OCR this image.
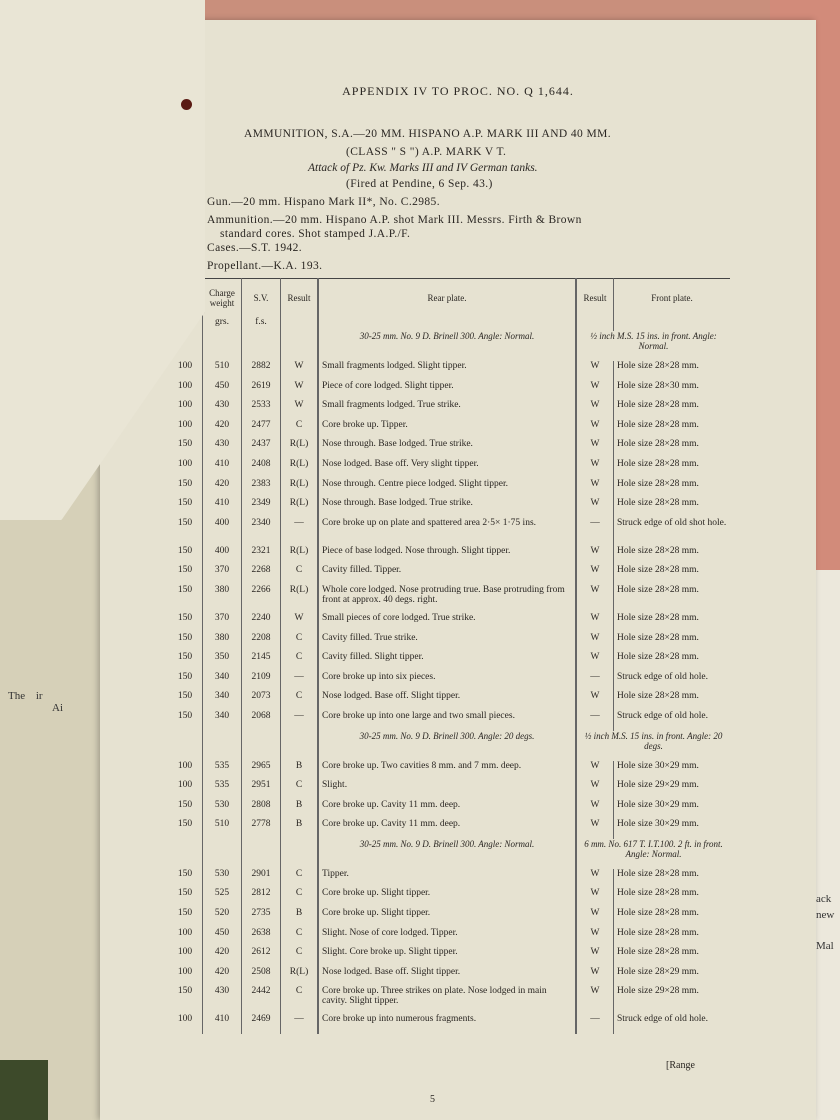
ack
new
Mal
The ir
Ai
APPENDIX IV TO PROC. NO. Q 1,644.
AMMUNITION, S.A.—20 MM. HISPANO A.P. MARK III AND 40 MM.
(CLASS " S ") A.P. MARK V T.
Attack of Pz. Kw. Marks III and IV German tanks.
(Fired at Pendine, 6 Sep. 43.)
Gun.—20 mm. Hispano Mark II*, No. C.2985.
Ammunition.—20 mm. Hispano A.P. shot Mark III. Messrs. Firth & Brown
standard cores. Shot stamped J.A.P./F.
Cases.—S.T. 1942.
Propellant.—K.A. 193.
	Charge weight	S.V.	Result	Rear plate.	Result	Front plate.
	grs.	f.s.				
				30-25 mm. No. 9 D. Brinell 300. Angle: Normal.	½ inch M.S. 15 ins. in front. Angle: Normal.	
100	510	2882	W	Small fragments lodged. Slight tipper.	W	Hole size 28×28 mm.
100	450	2619	W	Piece of core lodged. Slight tipper.	W	Hole size 28×30 mm.
100	430	2533	W	Small fragments lodged. True strike.	W	Hole size 28×28 mm.
100	420	2477	C	Core broke up. Tipper.	W	Hole size 28×28 mm.
150	430	2437	R(L)	Nose through. Base lodged. True strike.	W	Hole size 28×28 mm.
100	410	2408	R(L)	Nose lodged. Base off. Very slight tipper.	W	Hole size 28×28 mm.
150	420	2383	R(L)	Nose through. Centre piece lodged. Slight tipper.	W	Hole size 28×28 mm.
150	410	2349	R(L)	Nose through. Base lodged. True strike.	W	Hole size 28×28 mm.
150	400	2340	—	Core broke up on plate and spattered area 2·5× 1·75 ins.	—	Struck edge of old shot hole.
150	400	2321	R(L)	Piece of base lodged. Nose through. Slight tipper.	W	Hole size 28×28 mm.
150	370	2268	C	Cavity filled. Tipper.	W	Hole size 28×28 mm.
150	380	2266	R(L)	Whole core lodged. Nose protruding true. Base protruding from front at approx. 40 degs. right.	W	Hole size 28×28 mm.
150	370	2240	W	Small pieces of core lodged. True strike.	W	Hole size 28×28 mm.
150	380	2208	C	Cavity filled. True strike.	W	Hole size 28×28 mm.
150	350	2145	C	Cavity filled. Slight tipper.	W	Hole size 28×28 mm.
150	340	2109	—	Core broke up into six pieces.	—	Struck edge of old hole.
150	340	2073	C	Nose lodged. Base off. Slight tipper.	W	Hole size 28×28 mm.
150	340	2068	—	Core broke up into one large and two small pieces.	—	Struck edge of old hole.
				30-25 mm. No. 9 D. Brinell 300. Angle: 20 degs.	½ inch M.S. 15 ins. in front. Angle: 20 degs.	
100	535	2965	B	Core broke up. Two cavities 8 mm. and 7 mm. deep.	W	Hole size 30×29 mm.
100	535	2951	C	Slight.	W	Hole size 29×29 mm.
150	530	2808	B	Core broke up. Cavity 11 mm. deep.	W	Hole size 30×29 mm.
150	510	2778	B	Core broke up. Cavity 11 mm. deep.	W	Hole size 30×29 mm.
				30-25 mm. No. 9 D. Brinell 300. Angle: Normal.	6 mm. No. 617 T. I.T.100. 2 ft. in front. Angle: Normal.	
150	530	2901	C	Tipper.	W	Hole size 28×28 mm.
150	525	2812	C	Core broke up. Slight tipper.	W	Hole size 28×28 mm.
150	520	2735	B	Core broke up. Slight tipper.	W	Hole size 28×28 mm.
100	450	2638	C	Slight. Nose of core lodged. Tipper.	W	Hole size 28×28 mm.
100	420	2612	C	Slight. Core broke up. Slight tipper.	W	Hole size 28×28 mm.
100	420	2508	R(L)	Nose lodged. Base off. Slight tipper.	W	Hole size 28×29 mm.
150	430	2442	C	Core broke up. Three strikes on plate. Nose lodged in main cavity. Slight tipper.	W	Hole size 29×28 mm.
100	410	2469	—	Core broke up into numerous fragments.	—	Struck edge of old hole.
[Range
5
